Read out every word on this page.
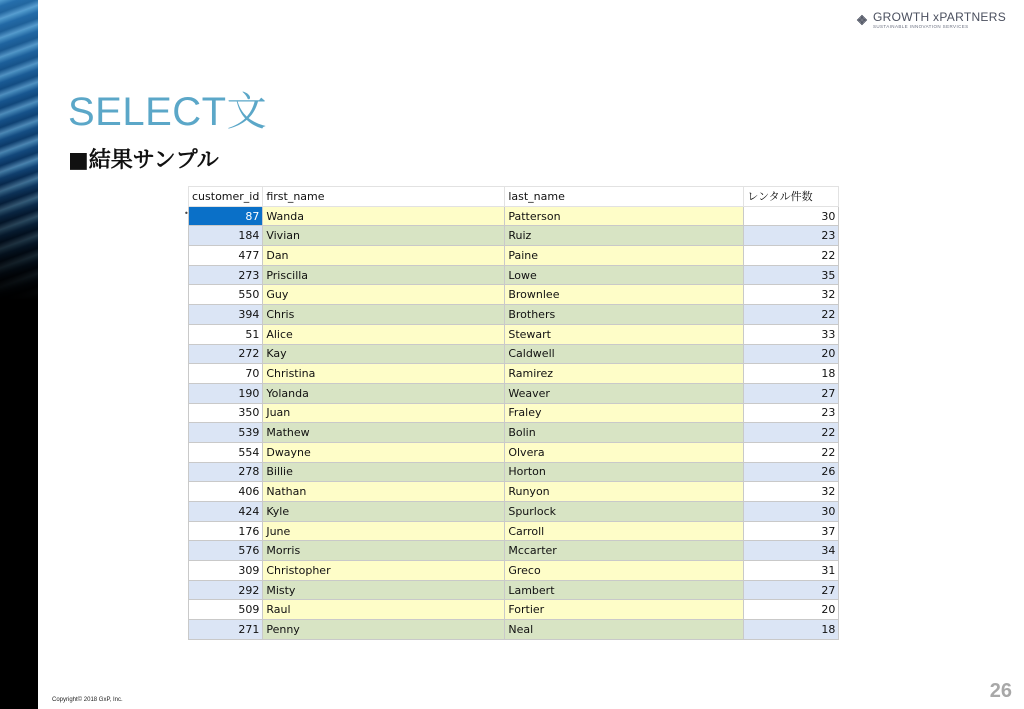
GROWTH xPARTNERS
SUSTAINABLE INNOVATION SERVICES
SELECT文
■結果サンプル
•
customer_id	first_name	last_name	レンタル件数
87	Wanda	Patterson	30
184	Vivian	Ruiz	23
477	Dan	Paine	22
273	Priscilla	Lowe	35
550	Guy	Brownlee	32
394	Chris	Brothers	22
51	Alice	Stewart	33
272	Kay	Caldwell	20
70	Christina	Ramirez	18
190	Yolanda	Weaver	27
350	Juan	Fraley	23
539	Mathew	Bolin	22
554	Dwayne	Olvera	22
278	Billie	Horton	26
406	Nathan	Runyon	32
424	Kyle	Spurlock	30
176	June	Carroll	37
576	Morris	Mccarter	34
309	Christopher	Greco	31
292	Misty	Lambert	27
509	Raul	Fortier	20
271	Penny	Neal	18
Copyright© 2018 GxP, Inc.	26
